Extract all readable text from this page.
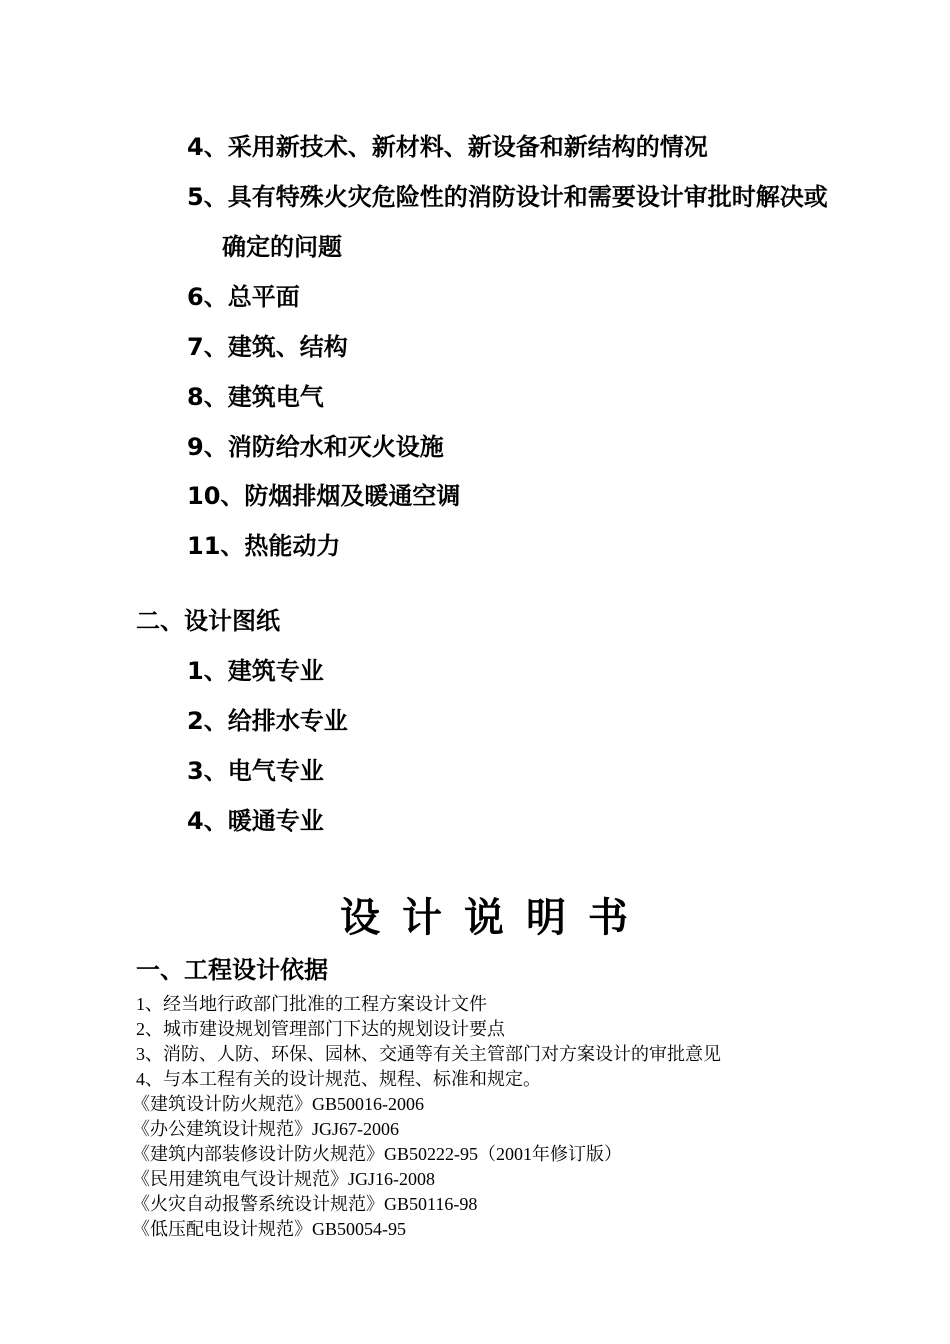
4、采用新技术、新材料、新设备和新结构的情况
5、具有特殊火灾危险性的消防设计和需要设计审批时解决或
确定的问题
6、总平面
7、建筑、结构
8、建筑电气
9、消防给水和灭火设施
10、防烟排烟及暖通空调
11、热能动力
二、设计图纸
1、建筑专业
2、给排水专业
3、电气专业
4、暖通专业
设计说明书
一、工程设计依据
1、经当地行政部门批准的工程方案设计文件
2、城市建设规划管理部门下达的规划设计要点
3、消防、人防、环保、园林、交通等有关主管部门对方案设计的审批意见
4、与本工程有关的设计规范、规程、标准和规定。
《建筑设计防火规范》GB50016-2006
《办公建筑设计规范》JGJ67-2006
《建筑内部装修设计防火规范》GB50222-95（2001年修订版）
《民用建筑电气设计规范》JGJ16-2008
《火灾自动报警系统设计规范》GB50116-98
《低压配电设计规范》GB50054-95
